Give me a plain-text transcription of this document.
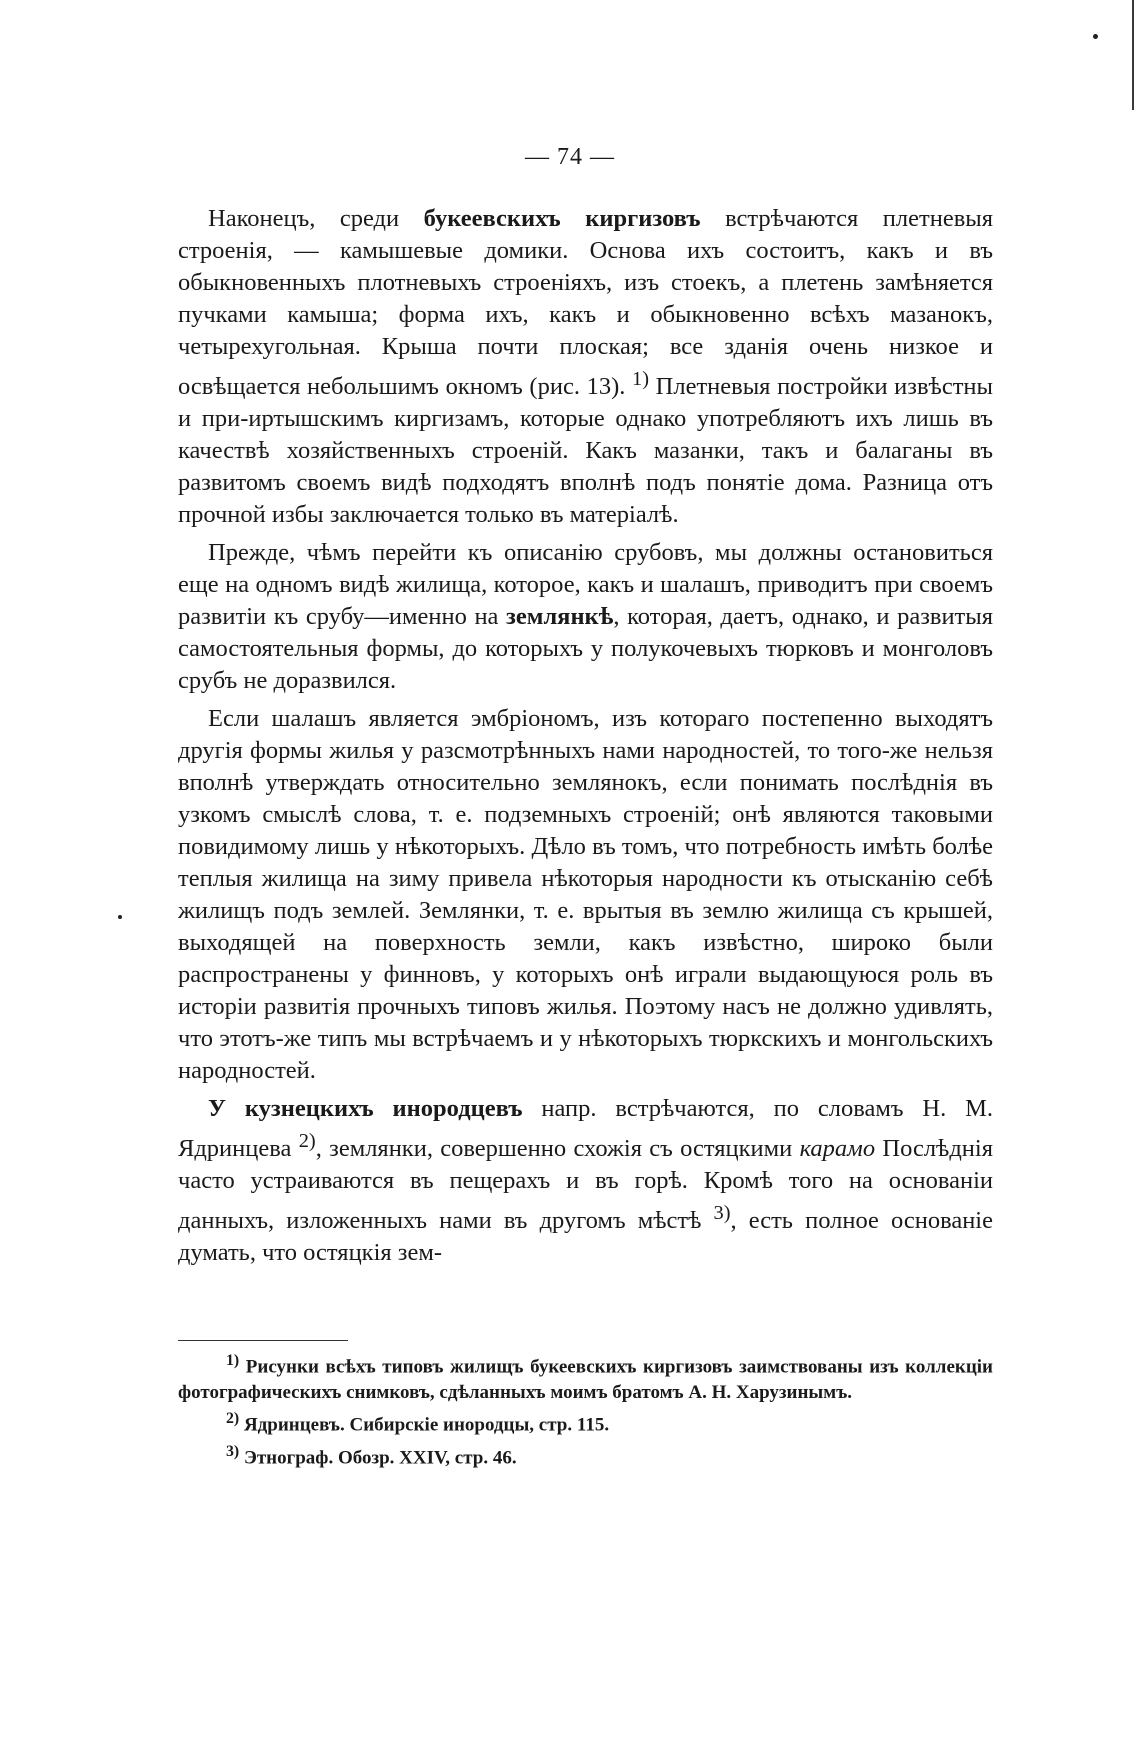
— 74 —

Наконецъ, среди букеевскихъ киргизовъ встрѣчаются плетневыя строенія, — камышевые домики. Основа ихъ состоитъ, какъ и въ обыкновенныхъ плотневыхъ строеніяхъ, изъ стоекъ, а плетень замѣняется пучками камыша; форма ихъ, какъ и обыкновенно всѣхъ мазанокъ, четырехугольная. Крыша почти плоская; все зданія очень низкое и освѣщается небольшимъ окномъ (рис. 13). $^{1)}$ Плетневыя постройки извѣстны и при-иртышскимъ киргизамъ, которые однако употребляютъ ихъ лишь въ качествѣ хозяйственныхъ строеній. Какъ мазанки, такъ и балаганы въ развитомъ своемъ видѣ подходятъ вполнѣ подъ понятіе дома. Разница отъ прочной избы заключается только въ матеріалѣ.

Прежде, чѣмъ перейти къ описанію срубовъ, мы должны остановиться еще на одномъ видѣ жилища, которое, какъ и шалашъ, приводитъ при своемъ развитіи къ срубу—именно на землянкѣ, которая, даетъ, однако, и развитыя самостоятельныя формы, до которыхъ у полукочевыхъ тюрковъ и монголовъ срубъ не доразвился.

Если шалашъ является эмбріономъ, изъ котораго постепенно выходятъ другія формы жилья у разсмотрѣнныхъ нами народностей, то того-же нельзя вполнѣ утверждать относительно землянокъ, если понимать послѣднія въ узкомъ смыслѣ слова, т. е. подземныхъ строеній; онѣ являются таковыми повидимому лишь у нѣкоторыхъ. Дѣло въ томъ, что потребность имѣть болѣе теплыя жилища на зиму привела нѣкоторыя народности къ отысканію себѣ жилищъ подъ землей. Землянки, т. е. врытыя въ землю жилища съ крышей, выходящей на поверхность земли, какъ извѣстно, широко были распространены у финновъ, у которыхъ онѣ играли выдающуюся роль въ исторіи развитія прочныхъ типовъ жилья. Поэтому насъ не должно удивлять, что этотъ-же типъ мы встрѣчаемъ и у нѣкоторыхъ тюркскихъ и монгольскихъ народностей.

У кузнецкихъ инородцевъ напр. встрѣчаются, по словамъ Н. М. Ядринцева $^{2)}$, землянки, совершенно схожія съ остяцкими карамо Послѣднія часто устраиваются въ пещерахъ и въ горѣ. Кромѣ того на основаніи данныхъ, изложенныхъ нами въ другомъ мѣстѣ $^{3)}$, есть полное основаніе думать, что остяцкія зем-

$^{1)}$ Рисунки всѣхъ типовъ жилищъ букеевскихъ киргизовъ заимствованы изъ коллекціи фотографическихъ снимковъ, сдѣланныхъ моимъ братомъ А. Н. Харузинымъ.

$^{2)}$ Ядринцевъ. Сибирскіе инородцы, стр. 115.

$^{3)}$ Этнограф. Обозр. XXIV, стр. 46.
